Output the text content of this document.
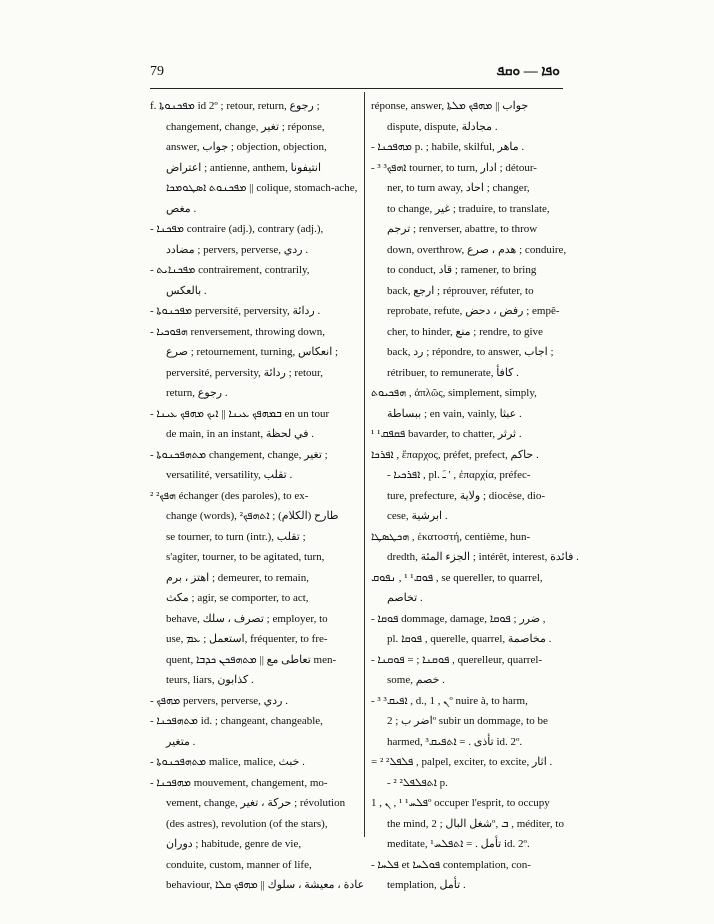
79	ܘܦܐ — ܘܩܦ
f. ܡܦܟܢܘܬܐ id 2º ; retour, return, رجوع ;
changement, change, تغير ; réponse,
answer, جواب ; objection, objection,
اعتراض ; antienne, anthem, انتيفونا
ܡܦܟܢܘܬ ܐܣܛܘܡܟܐ || colique, stomach-ache,
مغص .
- ܡܦܟܢܐ contraire (adj.), contrary (adj.),
مضادد ; pervers, perverse, ردي .
- ܡܦܟܢܐܝܬ contrairement, contrarily,
بالعكس .
- ܡܦܟܢܘܬܐ perversité, perversity, ردائة .
- ܗܦܘܟܝܐ renversement, throwing down,
صرع ; retournement, turning, انعكاس ;
perversité, perversity, ردائة ; retour,
return, رجوع .
- ܒܡܗܦܟ ܥܝܢܐ || ܐܝܟ ܡܗܦܟ ܥܝܢܐ en un tour
de main, in an instant, في لحظة .
- ܡܬܗܦܟܢܘܬܐ changement, change, تغير ;
versatilité, versatility, تقلب .
ܗܦܟ² ² échanger (des paroles), to ex-
change (words), طارح (الكلام) ; ܐܬܗܦܟ²
se tourner, to turn (intr.), تقلب ;
s'agiter, tourner, to be agitated, turn,
اهتز ، برم ; demeurer, to remain,
مكث ; agir, se comporter, to act,
behave, تصرف ، سلك ; employer, to
use, استعمل ; ܥܡ, fréquenter, to fre-
quent, تعاطى مع || ܡܬܗܦܟܢ ܟܕܒܐ men-
teurs, liars, كذابون .
- ܡܗܦܟ pervers, perverse, ردي .
- ܡܬܗܦܟܢܐ id. ; changeant, changeable,
متغير .
- ܡܬܗܦܟܢܘܬܐ malice, malice, خبث .
- ܡܗܦܟܢܐ mouvement, changement, mo-
vement, change, حركة ، تغير ; révolution
(des astres), revolution (of the stars),
دوران ; habitude, genre de vie,
conduite, custom, manner of life,
behaviour, عادة ، معيشة ، سلوك || ܡܗܦܟ ܩܠܐ
réponse, answer, جواب || ܡܗܦܟ ܡܠܬܐ
dispute, dispute, مجادلة .
- ܡܗܦܟܢܐ p. ; habile, skilful, ماهر .
- ܐܗܦܟ³ ³ tourner, to turn, ادار ; détour-
ner, to turn away, احاد ; changer,
to change, غير ; traduire, to translate,
ترجم ; renverser, abattre, to throw
down, overthrow, هدم ، صرع ; conduire,
to conduct, قاد ; ramener, to bring
back, ارجع ; réprouver, réfuter, to
reprobate, refute, رفض ، دحض ; empê-
cher, to hinder, منع ; rendre, to give
back, رد ; répondre, to answer, اجاب ;
rétribuer, to remunerate, كافأ .
ܗܦܟܝܘܬ , ἀπλῶς, simplement, simply,
ببساطة ; en vain, vainly, عبثا .
ܦܩܦܩ¹ ¹ bavarder, to chatter, ثرثر .
ܐܦܪܟܐ , ἔπαρχος, préfet, prefect, حاكم .
- ܐܦܪܟܝܐ , pl. ـَ ' , ἐπαρχία, préfec-
ture, prefecture, ولاية ; diocèse, dio-
cese, ابرشية .
ܗܟܛܣܛܐ , ἑκατοστή, centième, hun-
dredth, الجزء المئة ; intérêt, interest, فائدة .
ܦܘܩ¹ ¹ , ܢܦܘܩ , se quereller, to quarrel,
تخاصم .
- ܦܘܩܐ dommage, damage, ضرر ; ܦܘܩܐ ,
pl. ܦܘܩܐ , querelle, quarrel, مخاصمة .
- ܦܘܩܢܐ ; = ܦܘܩܢܐ , querelleur, quarrel-
some, خصم .
- ܐܦܝܩ³ ³ , d., ܢ , 1º nuire à, to harm,
اضر ب ; 2º subir un dommage, to be
harmed, تأذى . = ܐܬܦܝܩ³ id. 2º.
= ܦܠܦܠ² ² , palpel, exciter, to excite, اثار .
- ܐܬܦܠܦܠ² ² p.
ܦܠܚ¹ ¹ , ܢ , 1º occuper l'esprit, to occupy
the mind, شغل البال ; 2º, ܒ , méditer, to
meditate, تأمل . = ܐܬܦܠܚ¹ id. 2º.
- ܦܠܚܐ et ܦܘܠܚܐ contemplation, con-
templation, تأمل .
